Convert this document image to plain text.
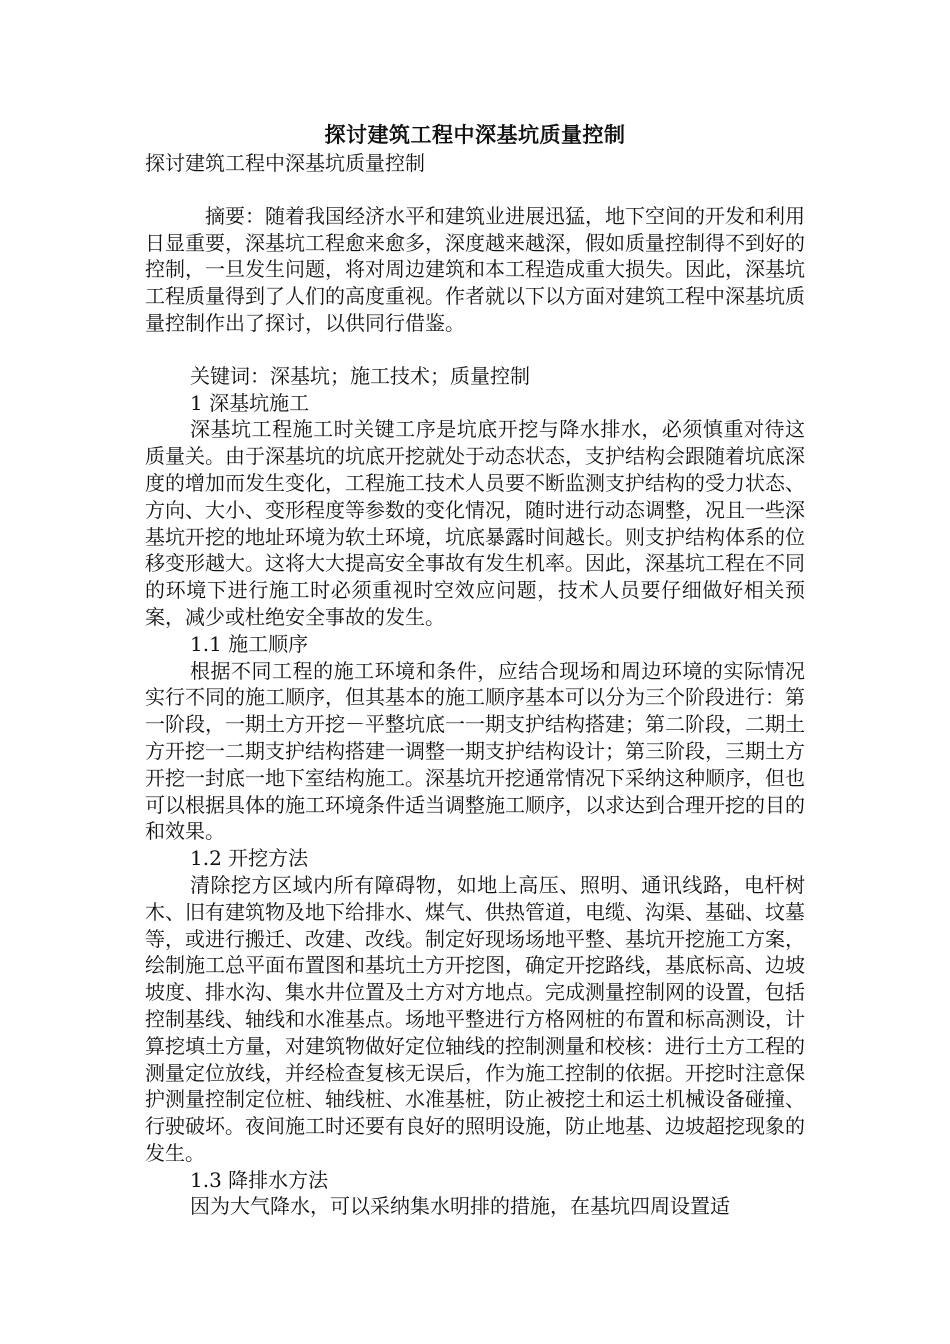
探讨建筑工程中深基坑质量控制

探讨建筑工程中深基坑质量控制

摘要：随着我国经济水平和建筑业进展迅猛，地下空间的开发和利用日显重要，深基坑工程愈来愈多，深度越来越深，假如质量控制得不到好的控制，一旦发生问题，将对周边建筑和本工程造成重大损失。因此，深基坑工程质量得到了人们的高度重视。作者就以下以方面对建筑工程中深基坑质量控制作出了探讨，以供同行借鉴。

关键词：深基坑；施工技术；质量控制

1 深基坑施工

深基坑工程施工时关键工序是坑底开挖与降水排水，必须慎重对待这质量关。由于深基坑的坑底开挖就处于动态状态，支护结构会跟随着坑底深度的增加而发生变化，工程施工技术人员要不断监测支护结构的受力状态、方向、大小、变形程度等参数的变化情况，随时进行动态调整，况且一些深基坑开挖的地址环境为软土环境，坑底暴露时间越长。则支护结构体系的位移变形越大。这将大大提高安全事故有发生机率。因此，深基坑工程在不同的环境下进行施工时必须重视时空效应问题，技术人员要仔细做好相关预案，减少或杜绝安全事故的发生。

1.1 施工顺序

根据不同工程的施工环境和条件，应结合现场和周边环境的实际情况实行不同的施工顺序，但其基本的施工顺序基本可以分为三个阶段进行：第一阶段，一期土方开挖－平整坑底一一期支护结构搭建；第二阶段，二期土方开挖一二期支护结构搭建一调整一期支护结构设计；第三阶段，三期土方开挖一封底一地下室结构施工。深基坑开挖通常情况下采纳这种顺序，但也可以根据具体的施工环境条件适当调整施工顺序，以求达到合理开挖的目的和效果。

1.2 开挖方法

清除挖方区域内所有障碍物，如地上高压、照明、通讯线路，电杆树木、旧有建筑物及地下给排水、煤气、供热管道，电缆、沟渠、基础、坟墓等，或进行搬迁、改建、改线。制定好现场场地平整、基坑开挖施工方案，绘制施工总平面布置图和基坑土方开挖图，确定开挖路线，基底标高、边坡坡度、排水沟、集水井位置及土方对方地点。完成测量控制网的设置，包括控制基线、轴线和水准基点。场地平整进行方格网桩的布置和标高测设，计算挖填土方量，对建筑物做好定位轴线的控制测量和校核：进行土方工程的测量定位放线，并经检查复核无误后，作为施工控制的依据。开挖时注意保护测量控制定位桩、轴线桩、水准基桩，防止被挖土和运土机械设备碰撞、行驶破坏。夜间施工时还要有良好的照明设施，防止地基、边坡超挖现象的发生。

1.3 降排水方法

因为大气降水，可以采纳集水明排的措施，在基坑四周设置适
